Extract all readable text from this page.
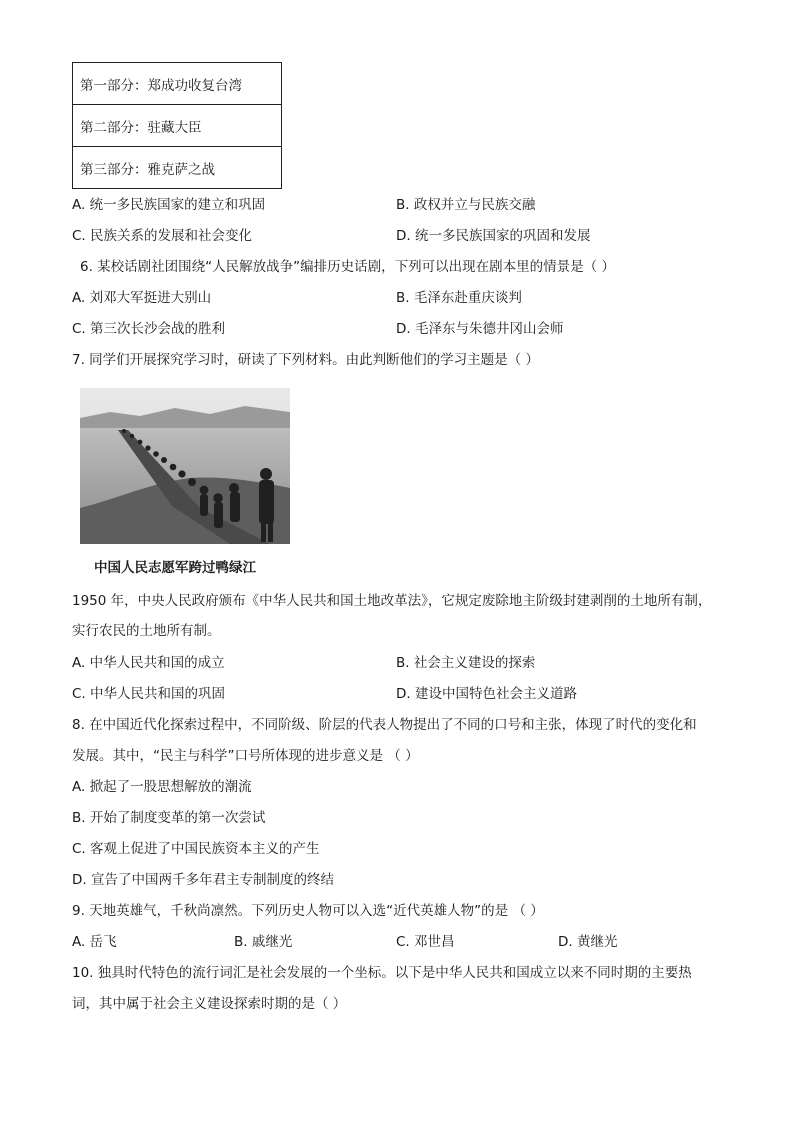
第一部分：郑成功收复台湾
第二部分：驻藏大臣
第三部分：雅克萨之战
A. 统一多民族国家的建立和巩固	B. 政权并立与民族交融
C. 民族关系的发展和社会变化	D. 统一多民族国家的巩固和发展
6. 某校话剧社团围绕“人民解放战争”编排历史话剧，下列可以出现在剧本里的情景是（ ）
A. 刘邓大军挺进大别山	B. 毛泽东赴重庆谈判
C. 第三次长沙会战的胜利	D. 毛泽东与朱德井冈山会师
7. 同学们开展探究学习时，研读了下列材料。由此判断他们的学习主题是（ ）
中国人民志愿军跨过鸭绿江
1950 年，中央人民政府颁布《中华人民共和国土地改革法》，它规定废除地主阶级封建剥削的土地所有制，
实行农民的土地所有制。
A. 中华人民共和国的成立	B. 社会主义建设的探索
C. 中华人民共和国的巩固	D. 建设中国特色社会主义道路
8. 在中国近代化探索过程中，不同阶级、阶层的代表人物提出了不同的口号和主张，体现了时代的变化和
发展。其中，“民主与科学”口号所体现的进步意义是 （ ）
A. 掀起了一股思想解放的潮流
B. 开始了制度变革的第一次尝试
C. 客观上促进了中国民族资本主义的产生
D. 宣告了中国两千多年君主专制制度的终结
9. 天地英雄气，千秋尚凛然。下列历史人物可以入选“近代英雄人物”的是 （ ）
A. 岳飞	B. 戚继光	C. 邓世昌	D. 黄继光
10. 独具时代特色的流行词汇是社会发展的一个坐标。以下是中华人民共和国成立以来不同时期的主要热
词，其中属于社会主义建设探索时期的是（ ）
